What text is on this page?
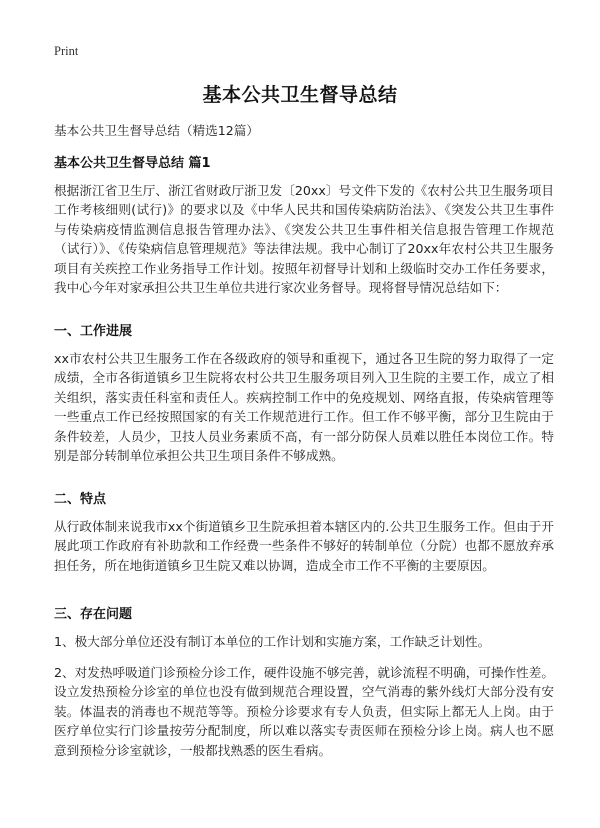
Print
基本公共卫生督导总结
基本公共卫生督导总结（精选12篇）
基本公共卫生督导总结 篇1
根据浙江省卫生厅、浙江省财政厅浙卫发〔20xx〕号文件下发的《农村公共卫生服务项目工作考核细则(试行)》的要求以及《中华人民共和国传染病防治法》、《突发公共卫生事件与传染病疫情监测信息报告管理办法》、《突发公共卫生事件相关信息报告管理工作规范（试行）》、《传染病信息管理规范》等法律法规。我中心制订了20xx年农村公共卫生服务项目有关疾控工作业务指导工作计划。按照年初督导计划和上级临时交办工作任务要求，我中心今年对家承担公共卫生单位共进行家次业务督导。现将督导情况总结如下：
一、工作进展
xx市农村公共卫生服务工作在各级政府的领导和重视下，通过各卫生院的努力取得了一定成绩，全市各街道镇乡卫生院将农村公共卫生服务项目列入卫生院的主要工作，成立了相关组织，落实责任科室和责任人。疾病控制工作中的免疫规划、网络直报，传染病管理等一些重点工作已经按照国家的有关工作规范进行工作。但工作不够平衡，部分卫生院由于条件较差，人员少，卫技人员业务素质不高，有一部分防保人员难以胜任本岗位工作。特别是部分转制单位承担公共卫生项目条件不够成熟。
二、特点
从行政体制来说我市xx个街道镇乡卫生院承担着本辖区内的.公共卫生服务工作。但由于开展此项工作政府有补助款和工作经费一些条件不够好的转制单位（分院）也都不愿放弃承担任务，所在地街道镇乡卫生院又难以协调，造成全市工作不平衡的主要原因。
三、存在问题
1、极大部分单位还没有制订本单位的工作计划和实施方案，工作缺乏计划性。
2、对发热呼吸道门诊预检分诊工作，硬件设施不够完善，就诊流程不明确，可操作性差。设立发热预检分诊室的单位也没有做到规范合理设置，空气消毒的紫外线灯大部分没有安装。体温表的消毒也不规范等等。预检分诊要求有专人负责，但实际上都无人上岗。由于医疗单位实行门诊量按劳分配制度，所以难以落实专责医师在预检分诊上岗。病人也不愿意到预检分诊室就诊，一般都找熟悉的医生看病。
